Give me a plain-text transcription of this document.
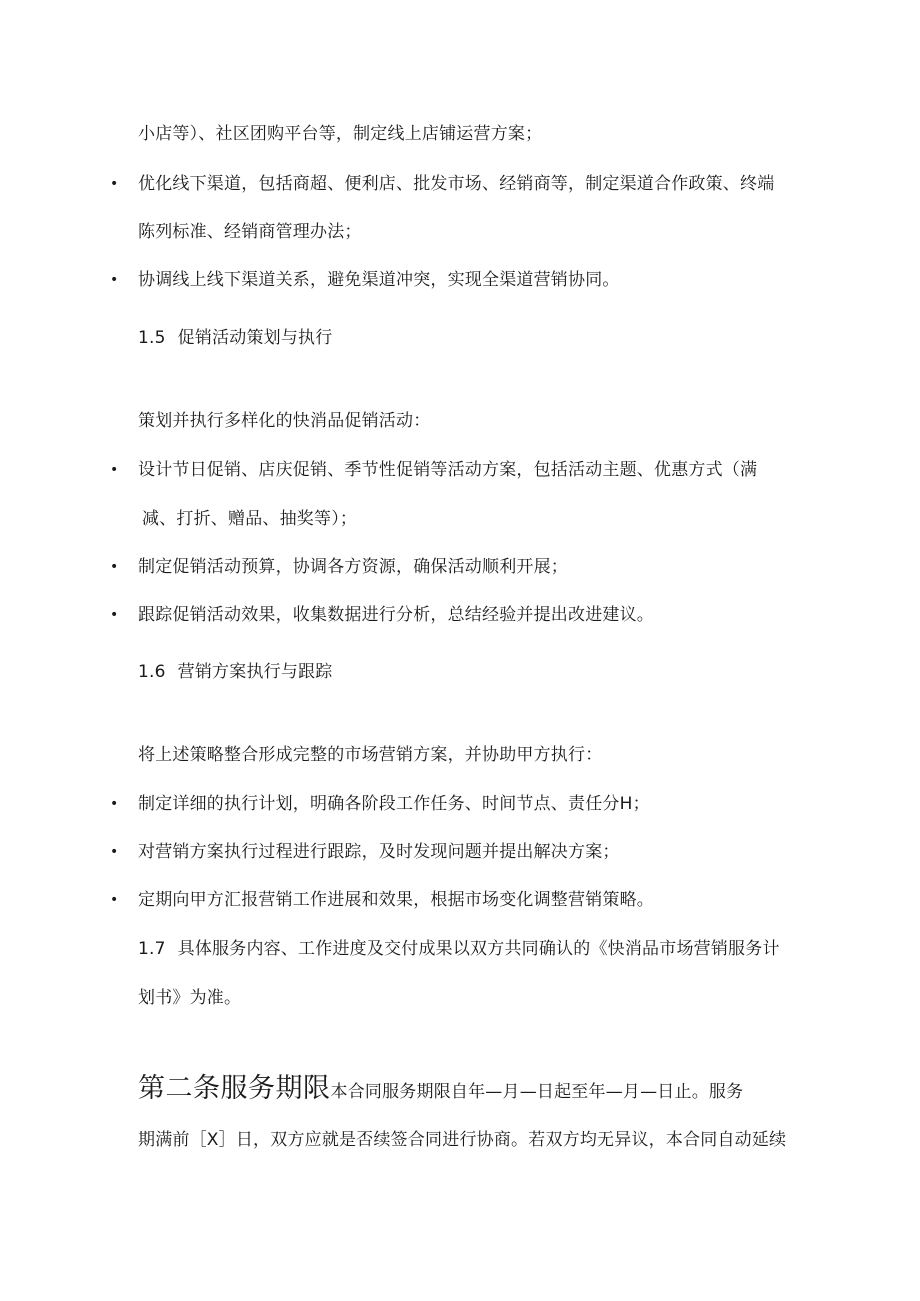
小店等）、社区团购平台等，制定线上店铺运营方案；
• 优化线下渠道，包括商超、便利店、批发市场、经销商等，制定渠道合作政策、终端
陈列标准、经销商管理办法；
• 协调线上线下渠道关系，避免渠道冲突，实现全渠道营销协同。
1.5 促销活动策划与执行
策划并执行多样化的快消品促销活动：
• 设计节日促销、店庆促销、季节性促销等活动方案，包括活动主题、优惠方式（满
减、打折、赠品、抽奖等）；
• 制定促销活动预算，协调各方资源，确保活动顺利开展；
• 跟踪促销活动效果，收集数据进行分析，总结经验并提出改进建议。
1.6 营销方案执行与跟踪
将上述策略整合形成完整的市场营销方案，并协助甲方执行：
• 制定详细的执行计划，明确各阶段工作任务、时间节点、责任分H；
• 对营销方案执行过程进行跟踪，及时发现问题并提出解决方案；
• 定期向甲方汇报营销工作进展和效果，根据市场变化调整营销策略。
1.7 具体服务内容、工作进度及交付成果以双方共同确认的《快消品市场营销服务计
划书》为准。
第二条服务期限本合同服务期限自年—月—日起至年—月—日止。服务
期满前［X］日，双方应就是否续签合同进行协商。若双方均无异议，本合同自动延续
